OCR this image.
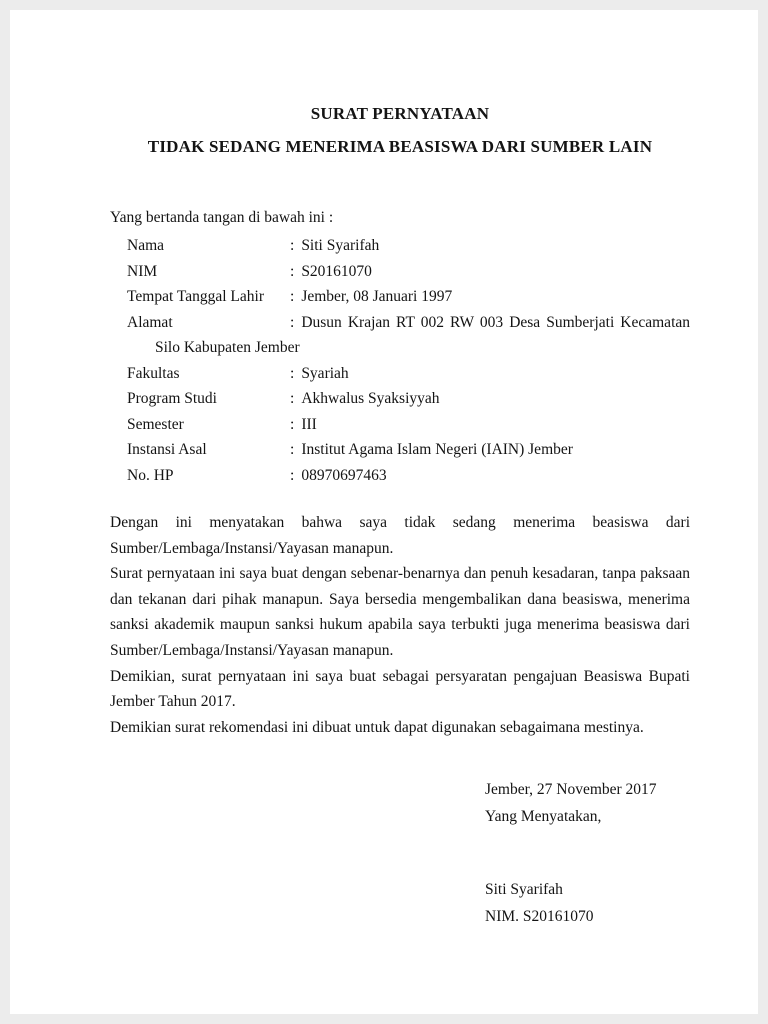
SURAT PERNYATAAN
TIDAK SEDANG MENERIMA BEASISWA DARI SUMBER LAIN
Yang bertanda tangan di bawah ini :
Nama	: Siti Syarifah
NIM	: S20161070
Tempat Tanggal Lahir	: Jember, 08 Januari 1997
Alamat	: Dusun Krajan RT 002 RW 003 Desa Sumberjati Kecamatan
Silo Kabupaten Jember
Fakultas	: Syariah
Program Studi	: Akhwalus Syaksiyyah
Semester	: III
Instansi Asal	: Institut Agama Islam Negeri (IAIN) Jember
No. HP	: 08970697463

Dengan ini menyatakan bahwa saya tidak sedang menerima beasiswa dari Sumber/Lembaga/Instansi/Yayasan manapun.

Surat pernyataan ini saya buat dengan sebenar-benarnya dan penuh kesadaran, tanpa paksaan dan tekanan dari pihak manapun. Saya bersedia mengembalikan dana beasiswa, menerima sanksi akademik maupun sanksi hukum apabila saya terbukti juga menerima beasiswa dari Sumber/Lembaga/Instansi/Yayasan manapun.

Demikian, surat pernyataan ini saya buat sebagai persyaratan pengajuan Beasiswa Bupati Jember Tahun 2017.

Demikian surat rekomendasi ini dibuat untuk dapat digunakan sebagaimana mestinya.

Jember, 27 November 2017
Yang Menyatakan,
Siti Syarifah
NIM. S20161070
